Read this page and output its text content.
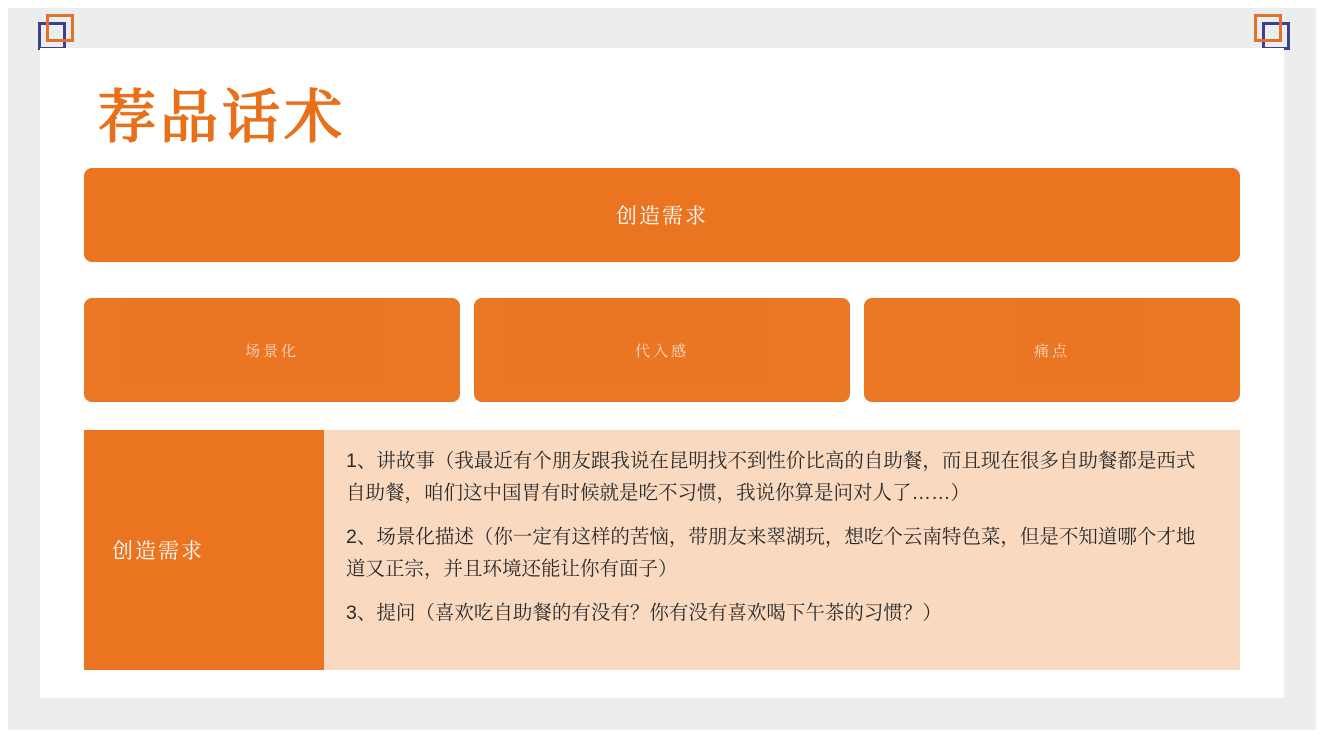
荐品话术
创造需求
场景化	代入感	痛点
创造需求

1、讲故事（我最近有个朋友跟我说在昆明找不到性价比高的自助餐，而且现在很多自助餐都是西式自助餐，咱们这中国胃有时候就是吃不习惯，我说你算是问对人了……）

2、场景化描述（你一定有这样的苦恼，带朋友来翠湖玩，想吃个云南特色菜，但是不知道哪个才地道又正宗，并且环境还能让你有面子）

3、提问（喜欢吃自助餐的有没有？你有没有喜欢喝下午茶的习惯？）
